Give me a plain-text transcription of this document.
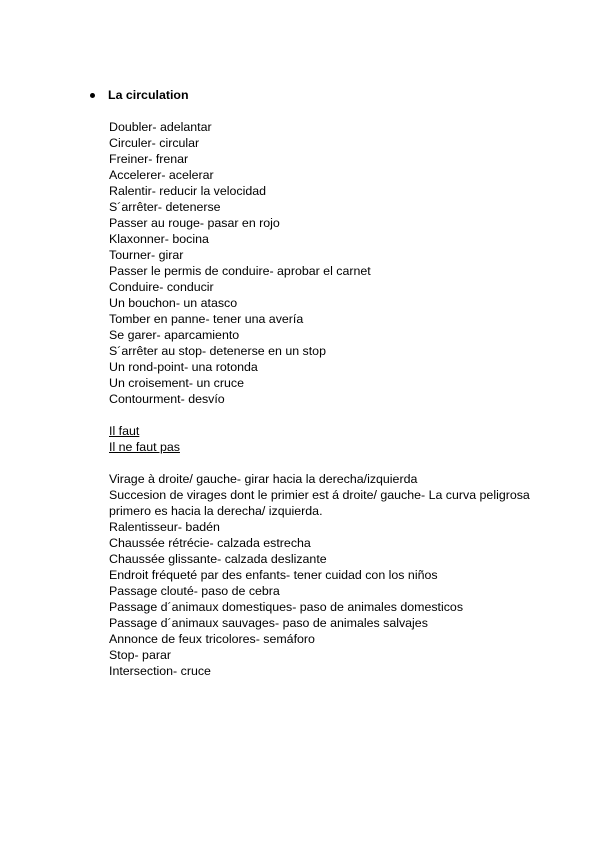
La circulation
Doubler- adelantar
Circuler- circular
Freiner- frenar
Accelerer- acelerar
Ralentir- reducir la velocidad
S´arrêter- detenerse
Passer au rouge- pasar en rojo
Klaxonner- bocina
Tourner- girar
Passer le permis de conduire- aprobar el carnet
Conduire- conducir
Un bouchon- un atasco
Tomber en panne- tener una avería
Se garer- aparcamiento
S´arrêter au stop- detenerse en un stop
Un rond-point- una rotonda
Un croisement- un cruce
Contourment- desvío
Il faut
Il ne faut pas
Virage à droite/ gauche- girar hacia la derecha/izquierda
Succesion de virages dont le primier est á droite/ gauche- La curva peligrosa
primero es hacia la derecha/ izquierda.
Ralentisseur- badén
Chaussée rétrécie- calzada estrecha
Chaussée glissante- calzada deslizante
Endroit fréqueté par des enfants- tener cuidad con los niños
Passage clouté- paso de cebra
Passage d´animaux domestiques- paso de animales domesticos
Passage d´animaux sauvages- paso de animales salvajes
Annonce de feux tricolores- semáforo
Stop- parar
Intersection- cruce
